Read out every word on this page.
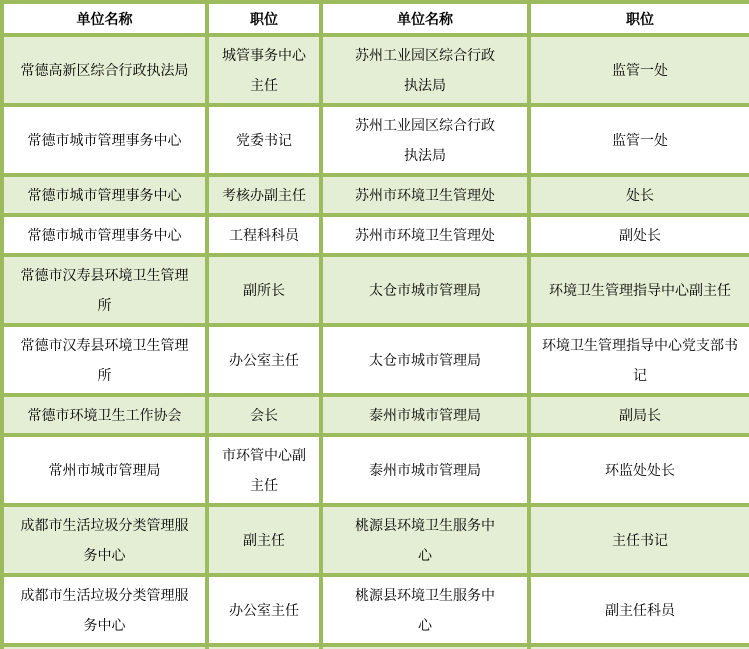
单位名称	职位	单位名称	职位
常德高新区综合行政执法局	城管事务中心主任	苏州工业园区综合行政执法局	监管一处
常德市城市管理事务中心	党委书记	苏州工业园区综合行政执法局	监管一处
常德市城市管理事务中心	考核办副主任	苏州市环境卫生管理处	处长
常德市城市管理事务中心	工程科科员	苏州市环境卫生管理处	副处长
常德市汉寿县环境卫生管理所	副所长	太仓市城市管理局	环境卫生管理指导中心副主任
常德市汉寿县环境卫生管理所	办公室主任	太仓市城市管理局	环境卫生管理指导中心党支部书记
常德市环境卫生工作协会	会长	泰州市城市管理局	副局长
常州市城市管理局	市环管中心副主任	泰州市城市管理局	环监处处长
成都市生活垃圾分类管理服务中心	副主任	桃源县环境卫生服务中心	主任书记
成都市生活垃圾分类管理服务中心	办公室主任	桃源县环境卫生服务中心	副主任科员
